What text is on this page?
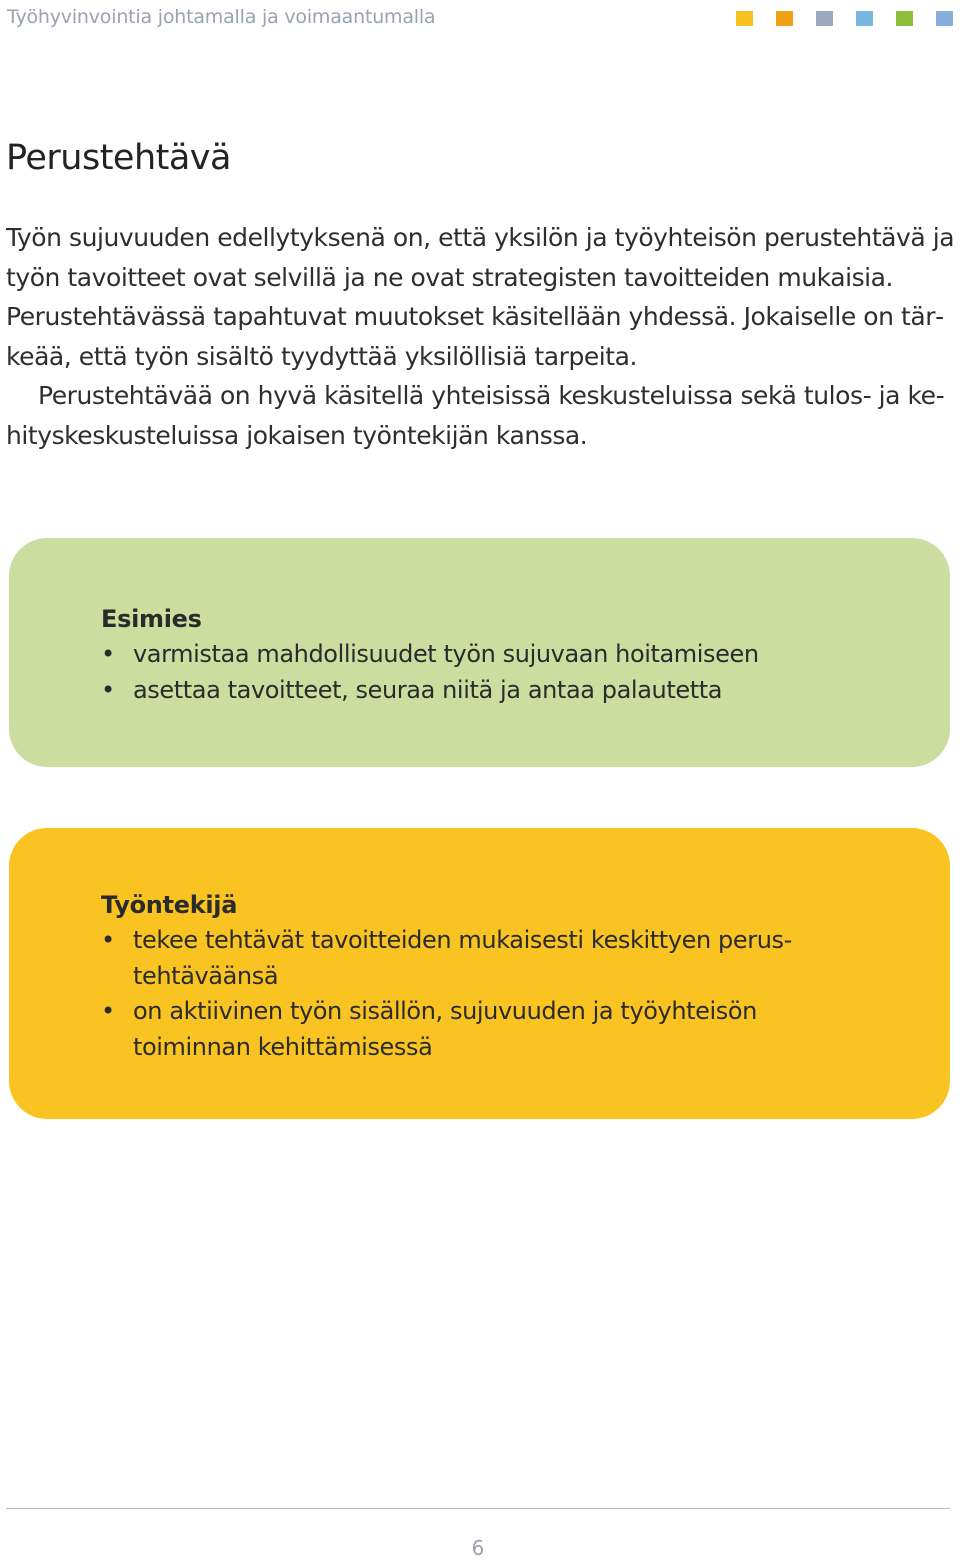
Työhyvinvointia johtamalla ja voimaantumalla
Perustehtävä

Työn sujuvuuden edellytyksenä on, että yksilön ja työyhteisön perustehtävä ja työn tavoitteet ovat selvillä ja ne ovat strategisten tavoitteiden mukaisia. Perustehtävässä tapahtuvat muutokset käsitellään yhdessä. Jokaiselle on tärkeää, että työn sisältö tyydyttää yksilöllisiä tarpeita.

Perustehtävää on hyvä käsitellä yhteisissä keskusteluissa sekä tulos- ja kehityskeskusteluissa jokaisen työntekijän kanssa.

Esimies
• varmistaa mahdollisuudet työn sujuvaan hoitamiseen
• asettaa tavoitteet, seuraa niitä ja antaa palautetta
Työntekijä
• tekee tehtävät tavoitteiden mukaisesti keskittyen perustehtäväänsä
• on aktiivinen työn sisällön, sujuvuuden ja työyhteisön toiminnan kehittämisessä
6
